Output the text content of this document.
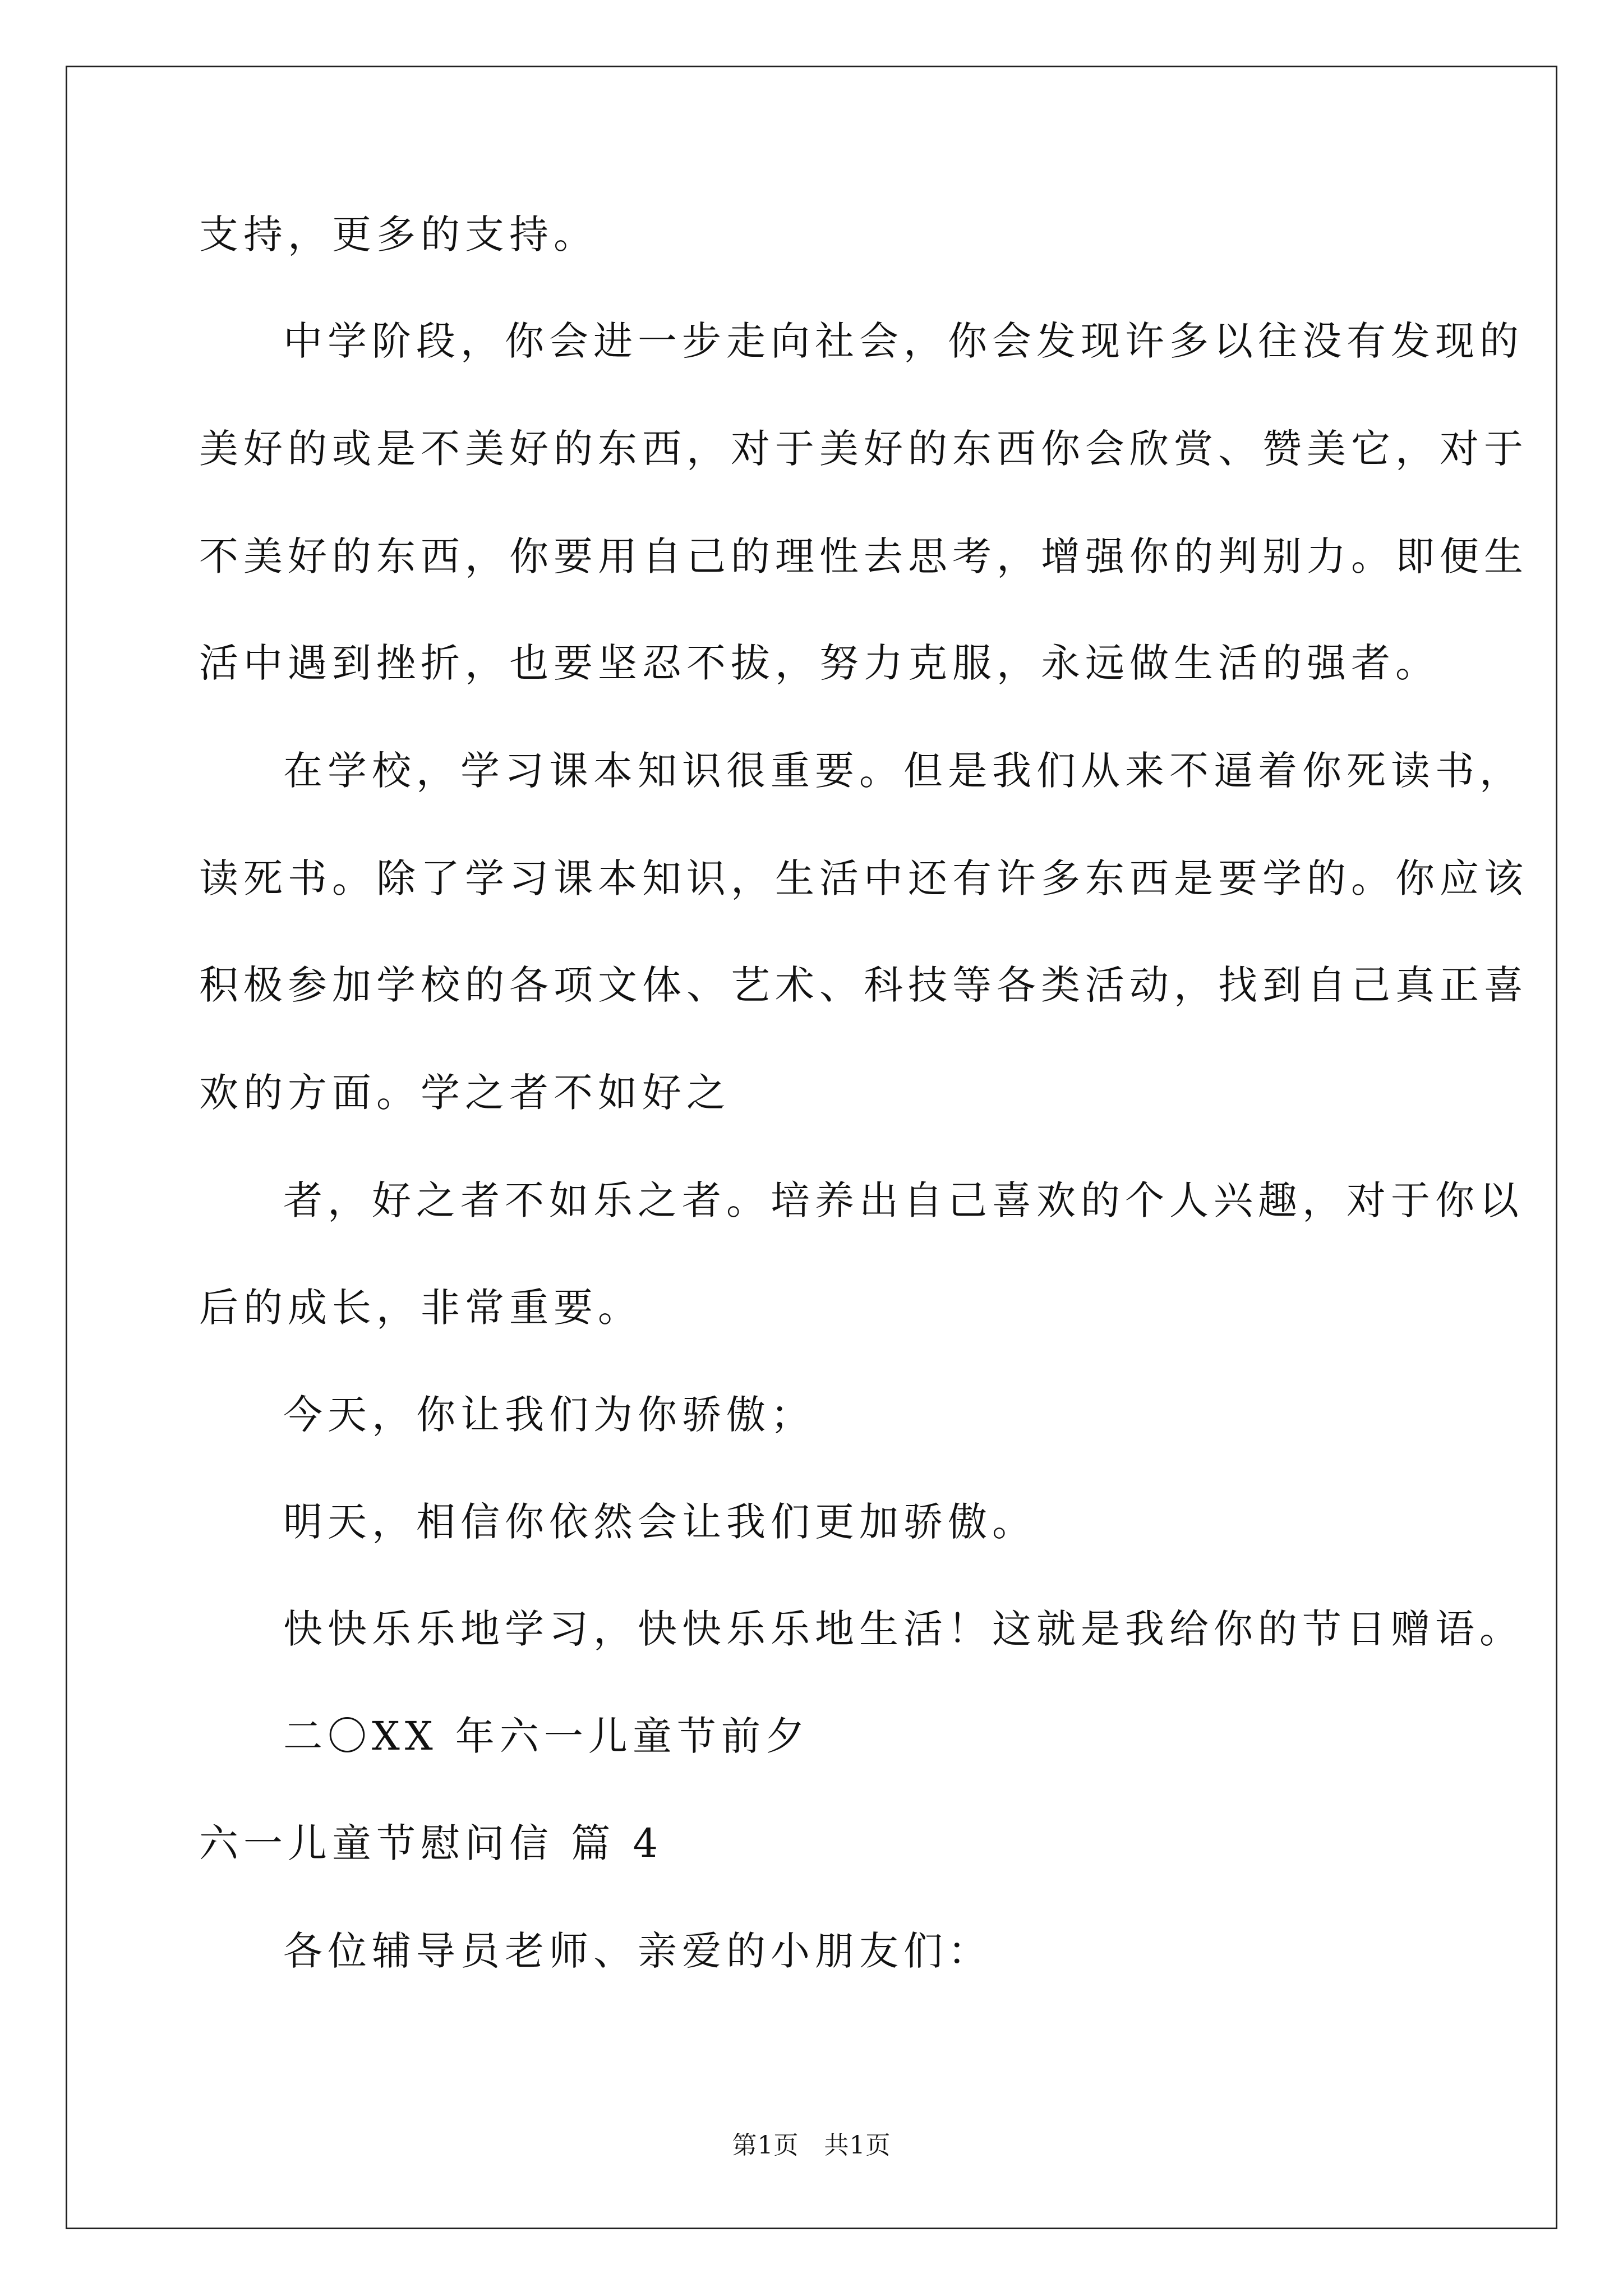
支持，更多的支持。
中学阶段，你会进一步走向社会，你会发现许多以往没有发现的
美好的或是不美好的东西，对于美好的东西你会欣赏、赞美它，对于
不美好的东西，你要用自己的理性去思考，增强你的判别力。即便生
活中遇到挫折，也要坚忍不拔，努力克服，永远做生活的强者。
在学校，学习课本知识很重要。但是我们从来不逼着你死读书，
读死书。除了学习课本知识，生活中还有许多东西是要学的。你应该
积极参加学校的各项文体、艺术、科技等各类活动，找到自己真正喜
欢的方面。学之者不如好之
者，好之者不如乐之者。培养出自己喜欢的个人兴趣，对于你以
后的成长，非常重要。
今天，你让我们为你骄傲；
明天，相信你依然会让我们更加骄傲。
快快乐乐地学习，快快乐乐地生活！这就是我给你的节日赠语。
二〇XX 年六一儿童节前夕
六一儿童节慰问信 篇 4
各位辅导员老师、亲爱的小朋友们：
第1页　共1页
